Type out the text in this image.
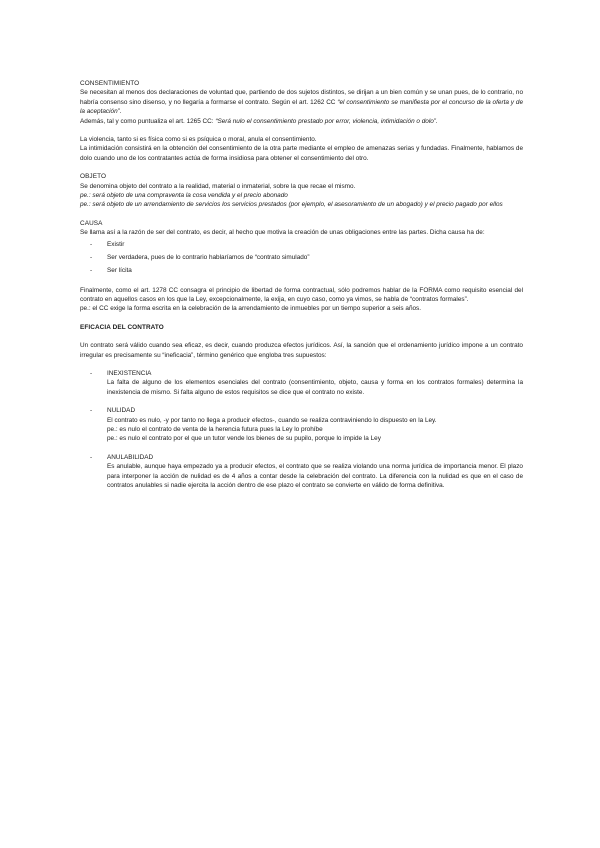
CONSENTIMIENTO

Se necesitan al menos dos declaraciones de voluntad que, partiendo de dos sujetos distintos, se dirijan a un bien común y se unan pues, de lo contrario, no habría consenso sino disenso, y no llegaría a formarse el contrato. Según el art. 1262 CC “el consentimiento se manifiesta por el concurso de la oferta y de la aceptación”.

Además, tal y como puntualiza el art. 1265 CC: “Será nulo el consentimiento prestado por error, violencia, intimidación o dolo”.

La violencia, tanto si es física como si es psíquica o moral, anula el consentimiento.

La intimidación consistirá en la obtención del consentimiento de la otra parte mediante el empleo de amenazas serias y fundadas. Finalmente, hablamos de dolo cuando uno de los contratantes actúa de forma insidiosa para obtener el consentimiento del otro.

OBJETO

Se denomina objeto del contrato a la realidad, material o inmaterial, sobre la que recae el mismo.

pe.: será objeto de una compraventa la cosa vendida y el precio abonado

pe.: será objeto de un arrendamiento de servicios los servicios prestados (por ejemplo, el asesoramiento de un abogado) y el precio pagado por ellos

CAUSA

Se llama así a la razón de ser del contrato, es decir, al hecho que motiva la creación de unas obligaciones entre las partes. Dicha causa ha de:

- Existir
- Ser verdadera, pues de lo contrario hablaríamos de “contrato simulado”
- Ser lícita

Finalmente, como el art. 1278 CC consagra el principio de libertad de forma contractual, sólo podremos hablar de la FORMA como requisito esencial del contrato en aquellos casos en los que la Ley, excepcionalmente, la exija, en cuyo caso, como ya vimos, se habla de “contratos formales”.

pe.: el CC exige la forma escrita en la celebración de la arrendamiento de inmuebles por un tiempo superior a seis años.

EFICACIA DEL CONTRATO

Un contrato será válido cuando sea eficaz, es decir, cuando produzca efectos jurídicos. Así, la sanción que el ordenamiento jurídico impone a un contrato irregular es precisamente su “ineficacia”, término genérico que engloba tres supuestos:

- INEXISTENCIA

La falta de alguno de los elementos esenciales del contrato (consentimiento, objeto, causa y forma en los contratos formales) determina la inexistencia de mismo. Si falta alguno de estos requisitos se dice que el contrato no existe.

- NULIDAD

El contrato es nulo, -y por tanto no llega a producir efectos-, cuando se realiza contraviniendo lo dispuesto en la Ley.

pe.: es nulo el contrato de venta de la herencia futura pues la Ley lo prohíbe

pe.: es nulo el contrato por el que un tutor vende los bienes de su pupilo, porque lo impide la Ley

- ANULABILIDAD

Es anulable, aunque haya empezado ya a producir efectos, el contrato que se realiza violando una norma jurídica de importancia menor. El plazo para interponer la acción de nulidad es de 4 años a contar desde la celebración del contrato. La diferencia con la nulidad es que en el caso de contratos anulables si nadie ejercita la acción dentro de ese plazo el contrato se convierte en válido de forma definitiva.
